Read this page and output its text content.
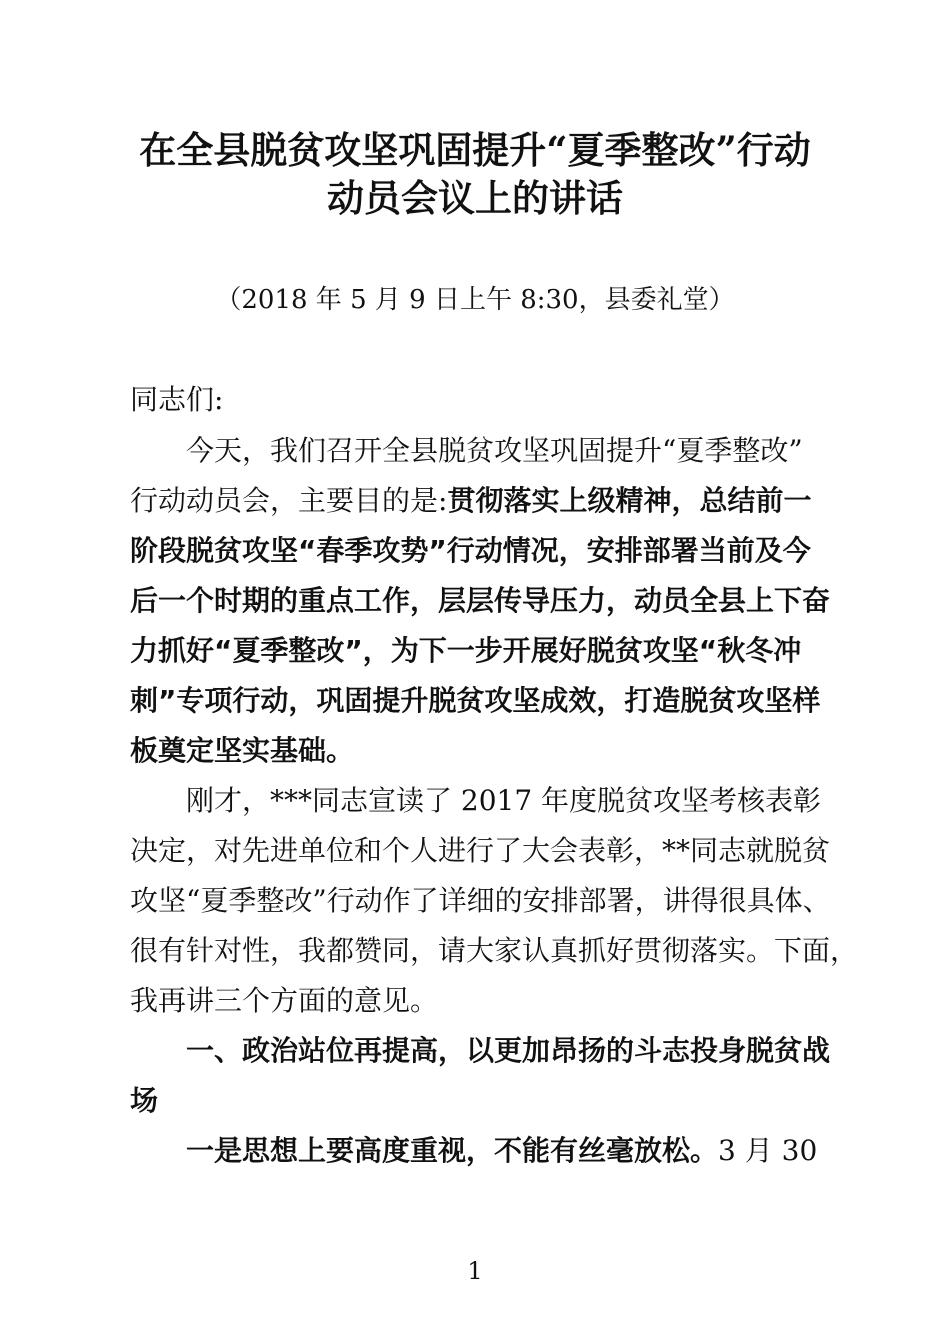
在全县脱贫攻坚巩固提升“夏季整改”行动
动员会议上的讲话
（2018 年 5 月 9 日上午 8:30，县委礼堂）
同志们:
今天，我们召开全县脱贫攻坚巩固提升“夏季整改”
行动动员会，主要目的是:贯彻落实上级精神，总结前一
阶段脱贫攻坚“春季攻势”行动情况，安排部署当前及今
后一个时期的重点工作，层层传导压力，动员全县上下奋
力抓好“夏季整改”，为下一步开展好脱贫攻坚“秋冬冲
刺”专项行动，巩固提升脱贫攻坚成效，打造脱贫攻坚样
板奠定坚实基础。
刚才，***同志宣读了 2017 年度脱贫攻坚考核表彰
决定，对先进单位和个人进行了大会表彰，**同志就脱贫
攻坚“夏季整改”行动作了详细的安排部署，讲得很具体、
很有针对性，我都赞同，请大家认真抓好贯彻落实。下面，
我再讲三个方面的意见。
一、政治站位再提高，以更加昂扬的斗志投身脱贫战
场
一是思想上要高度重视，不能有丝毫放松。3 月 30
1
